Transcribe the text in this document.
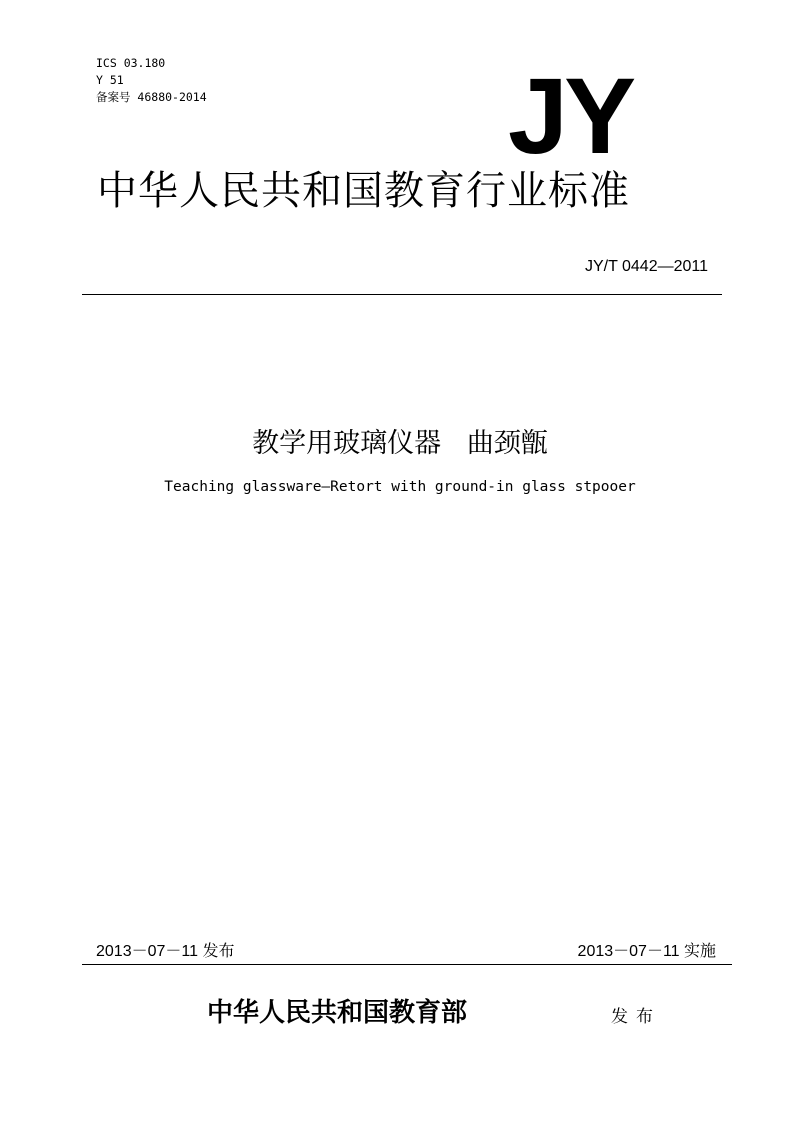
ICS 03.180
Y 51
备案号 46880-2014	JY
中华人民共和国教育行业标准
JY/T 0442—2011
教学用玻璃仪器   曲颈甑
Teaching glassware—Retort with ground-in glass stpooer
2013－07－11 发布	2013－07－11 实施
中华人民共和国教育部	发布
